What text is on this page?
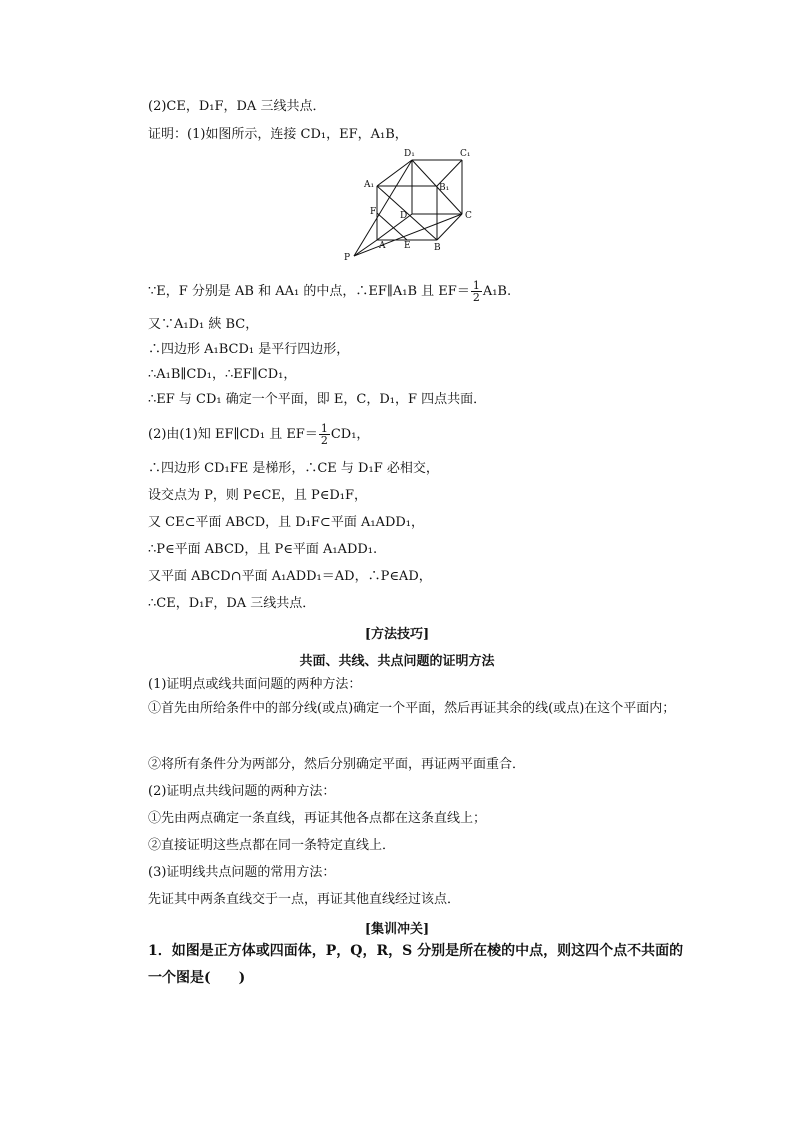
(2)CE，D₁F，DA 三线共点．
证明：(1)如图所示，连接 CD₁，EF，A₁B，
D₁	C₁
A₁	B₁
F	D	C
A E	B
P
∵E，F 分别是 AB 和 AA₁ 的中点，∴EF∥A₁B 且 $EF= \frac{1}{2} A_1B$.
又∵A₁D₁ 綊 BC，
∴四边形 A₁BCD₁ 是平行四边形，
∴A₁B∥CD₁，∴EF∥CD₁，
∴EF 与 CD₁ 确定一个平面，即 E，C，D₁，F 四点共面．
(2)由(1)知 EF∥CD₁ 且 $EF= \frac{1}{2} CD_1$，
∴四边形 CD₁FE 是梯形，∴CE 与 D₁F 必相交，
设交点为 P，则 P∈CE，且 P∈D₁F，
又 CE⊂平面 ABCD，且 D₁F⊂平面 A₁ADD₁，
∴P∈平面 ABCD，且 P∈平面 A₁ADD₁.
又平面 ABCD∩平面 A₁ADD₁＝AD，∴P∈AD，
∴CE，D₁F，DA 三线共点．
[方法技巧]
共面、共线、共点问题的证明方法
(1)证明点或线共面问题的两种方法：
①首先由所给条件中的部分线(或点)确定一个平面，然后再证其余的线(或点)在这个平面内；
②将所有条件分为两部分，然后分别确定平面，再证两平面重合．
(2)证明点共线问题的两种方法：
①先由两点确定一条直线，再证其他各点都在这条直线上；
②直接证明这些点都在同一条特定直线上．
(3)证明线共点问题的常用方法：
先证其中两条直线交于一点，再证其他直线经过该点．
[集训冲关]
1．如图是正方体或四面体，P，Q，R，S 分别是所在棱的中点，则这四个点不共面的一个图是(　　)
